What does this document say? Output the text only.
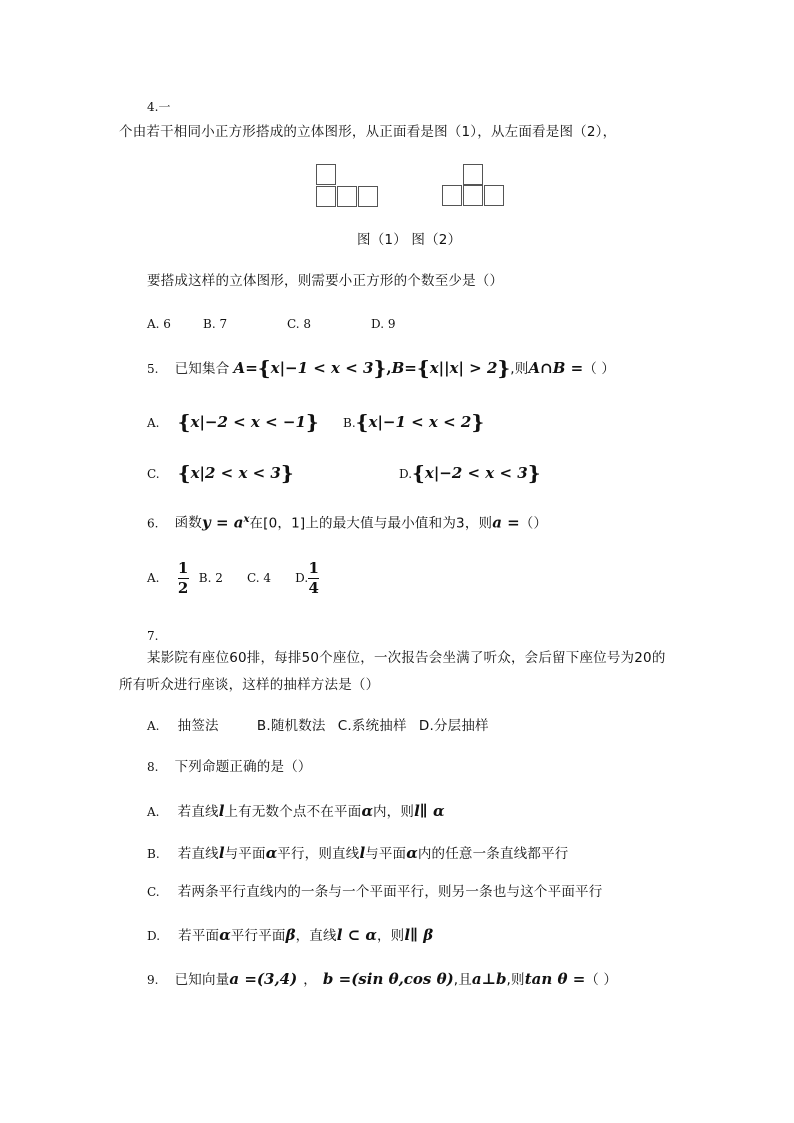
4.一
个由若干相同小正方形搭成的立体图形，从正面看是图（1），从左面看是图（2），
图（1） 图（2）
要搭成这样的立体图形，则需要小正方形的个数至少是（）
A. 6	B. 7	C. 8	D. 9
5. 已知集合 A={x|−1 < x < 3},B={x||x| > 2},则A∩B =（ ）
A. {x|−2 < x < −1} B.{x|−1 < x < 2}
C. {x|2 < x < 3}	D.{x|−2 < x < 3}
6. 函数$y = a^x$在[0，1]上的最大值与最小值和为3，则a =（）
A. $\frac{1}{2} B$. 2 C. 4 D. $\frac{1}{4}$
7.
某影院有座位60排，每排50个座位，一次报告会坐满了听众，会后留下座位号为20的
所有听众进行座谈，这样的抽样方法是（）
A. 抽签法	B.随机数法 C.系统抽样 D.分层抽样
8. 下列命题正确的是（）
A. 若直线l上有无数个点不在平面α内，则l∥ α
B. 若直线l与平面α平行，则直线l与平面α内的任意一条直线都平行
C. 若两条平行直线内的一条与一个平面平行，则另一条也与这个平面平行
D. 若平面α平行平面β，直线l ⊂ α，则l∥ β
9. 已知向量a =(3,4) ， b =(sin θ,cos θ),且a⊥b,则tan θ =（ ）
